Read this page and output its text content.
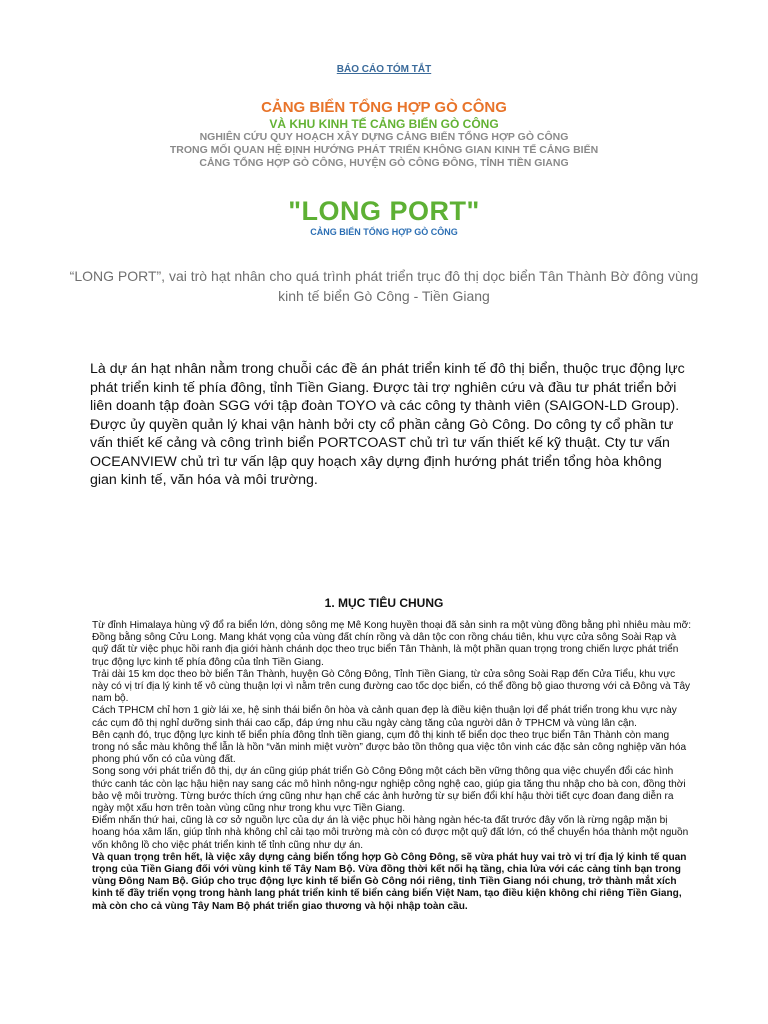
BÁO CÁO TÓM TẮT
CẢNG BIỂN TỔNG HỢP GÒ CÔNG
VÀ KHU KINH TẾ CẢNG BIỂN GÒ CÔNG
NGHIÊN CỨU QUY HOẠCH XÂY DỰNG CẢNG BIỂN TỔNG HỢP GÒ CÔNG
TRONG MỐI QUAN HỆ ĐỊNH HƯỚNG PHÁT TRIỂN KHÔNG GIAN KINH TẾ CẢNG BIỂN
CẢNG TỔNG HỢP GÒ CÔNG, HUYỆN GÒ CÔNG ĐÔNG, TỈNH TIỀN GIANG
"LONG PORT"
CẢNG BIỂN TỔNG HỢP GÒ CÔNG
“LONG PORT”, vai trò hạt nhân cho quá trình phát triển trục đô thị dọc biển Tân Thành Bờ đông vùng kinh tế biển Gò Công - Tiền Giang
Là dự án hạt nhân nằm trong chuỗi các đề án phát triển kinh tế đô thị biển, thuộc trục động lực phát triển kinh tế phía đông, tỉnh Tiền Giang. Được tài trợ nghiên cứu và đầu tư phát triển bởi liên doanh tập đoàn SGG với tập đoàn TOYO và các công ty thành viên (SAIGON-LD Group). Được ủy quyền quản lý khai vận hành bởi cty cổ phần cảng Gò Công. Do công ty cổ phần tư vấn thiết kế cảng và công trình biển PORTCOAST chủ trì tư vấn thiết kế kỹ thuật. Cty tư vấn OCEANVIEW chủ trì tư vấn lập quy hoạch xây dựng định hướng phát triển tổng hòa không gian kinh tế, văn hóa và môi trường.
1. MỤC TIÊU CHUNG

Từ đỉnh Himalaya hùng vỹ đổ ra biển lớn, dòng sông mẹ Mê Kong huyền thoại đã sản sinh ra một vùng đồng bằng phì nhiêu màu mỡ: Đồng bằng sông Cửu Long. Mang khát vọng của vùng đất chín rồng và dân tộc con rồng cháu tiên, khu vực cửa sông Soài Rạp và quỹ đất từ việc phục hồi ranh địa giới hành chánh dọc theo trục biển Tân Thành, là một phần quan trọng trong chiến lược phát triển trục động lực kinh tế phía đông của tỉnh Tiền Giang.

Trải dài 15 km dọc theo bờ biển Tân Thành, huyện Gò Công Đông, Tỉnh Tiền Giang, từ cửa sông Soài Rạp đến Cửa Tiểu, khu vực này có vị trí địa lý kinh tế vô cùng thuận lợi vì nằm trên cung đường cao tốc dọc biển, có thể đồng bộ giao thương với cả Đông và Tây nam bộ.

Cách TPHCM chỉ hơn 1 giờ lái xe, hệ sinh thái biển ôn hòa và cảnh quan đẹp là điều kiện thuận lợi để phát triển trong khu vực này các cụm đô thị nghỉ dưỡng sinh thái cao cấp, đáp ứng nhu cầu ngày càng tăng của người dân ở TPHCM và vùng lân cận.

Bên cạnh đó, trục động lực kinh tế biển phía đông tỉnh tiền giang, cụm đô thị kinh tế biển dọc theo trục biển Tân Thành còn mang trong nó sắc màu không thể lẫn là hồn “văn minh miệt vườn” được bảo tồn thông qua việc tôn vinh các đặc sản công nghiệp văn hóa phong phú vốn có của vùng đất.

Song song với phát triển đô thị, dự án cũng giúp phát triển Gò Công Đông một cách bền vững thông qua việc chuyển đổi các hình thức canh tác còn lạc hậu hiện nay sang các mô hình nông-ngư nghiệp công nghệ cao, giúp gia tăng thu nhập cho bà con, đồng thời bảo vệ môi trường. Từng bước thích ứng cũng như hạn chế các ảnh hưởng từ sự biến đổi khí hậu thời tiết cực đoan đang diễn ra ngày một xấu hơn trên toàn vùng cũng như trong khu vực Tiền Giang.

Điểm nhấn thứ hai, cũng là cơ sở nguồn lực của dự án là việc phục hồi hàng ngàn héc-ta đất trước đây vốn là rừng ngập mặn bị hoang hóa xâm lấn, giúp tỉnh nhà không chỉ cải tạo môi trường mà còn có được một quỹ đất lớn, có thể chuyển hóa thành một nguồn vốn không lồ cho việc phát triển kinh tế tỉnh cũng như dự án.

Và quan trọng trên hết, là việc xây dựng cảng biển tổng hợp Gò Công Đông, sẽ vừa phát huy vai trò vị trí địa lý kinh tế quan trọng của Tiền Giang đối với vùng kinh tế Tây Nam Bộ. Vừa đồng thời kết nối hạ tầng, chia lửa với các cảng tỉnh bạn trong vùng Đông Nam Bộ. Giúp cho trục động lực kinh tế biển Gò Công nói riêng, tỉnh Tiền Giang nói chung, trở thành mắt xích kinh tế đầy triển vọng trong hành lang phát triển kinh tế biển cảng biển Việt Nam, tạo điều kiện không chỉ riêng Tiền Giang, mà còn cho cả vùng Tây Nam Bộ phát triển giao thương và hội nhập toàn cầu.
